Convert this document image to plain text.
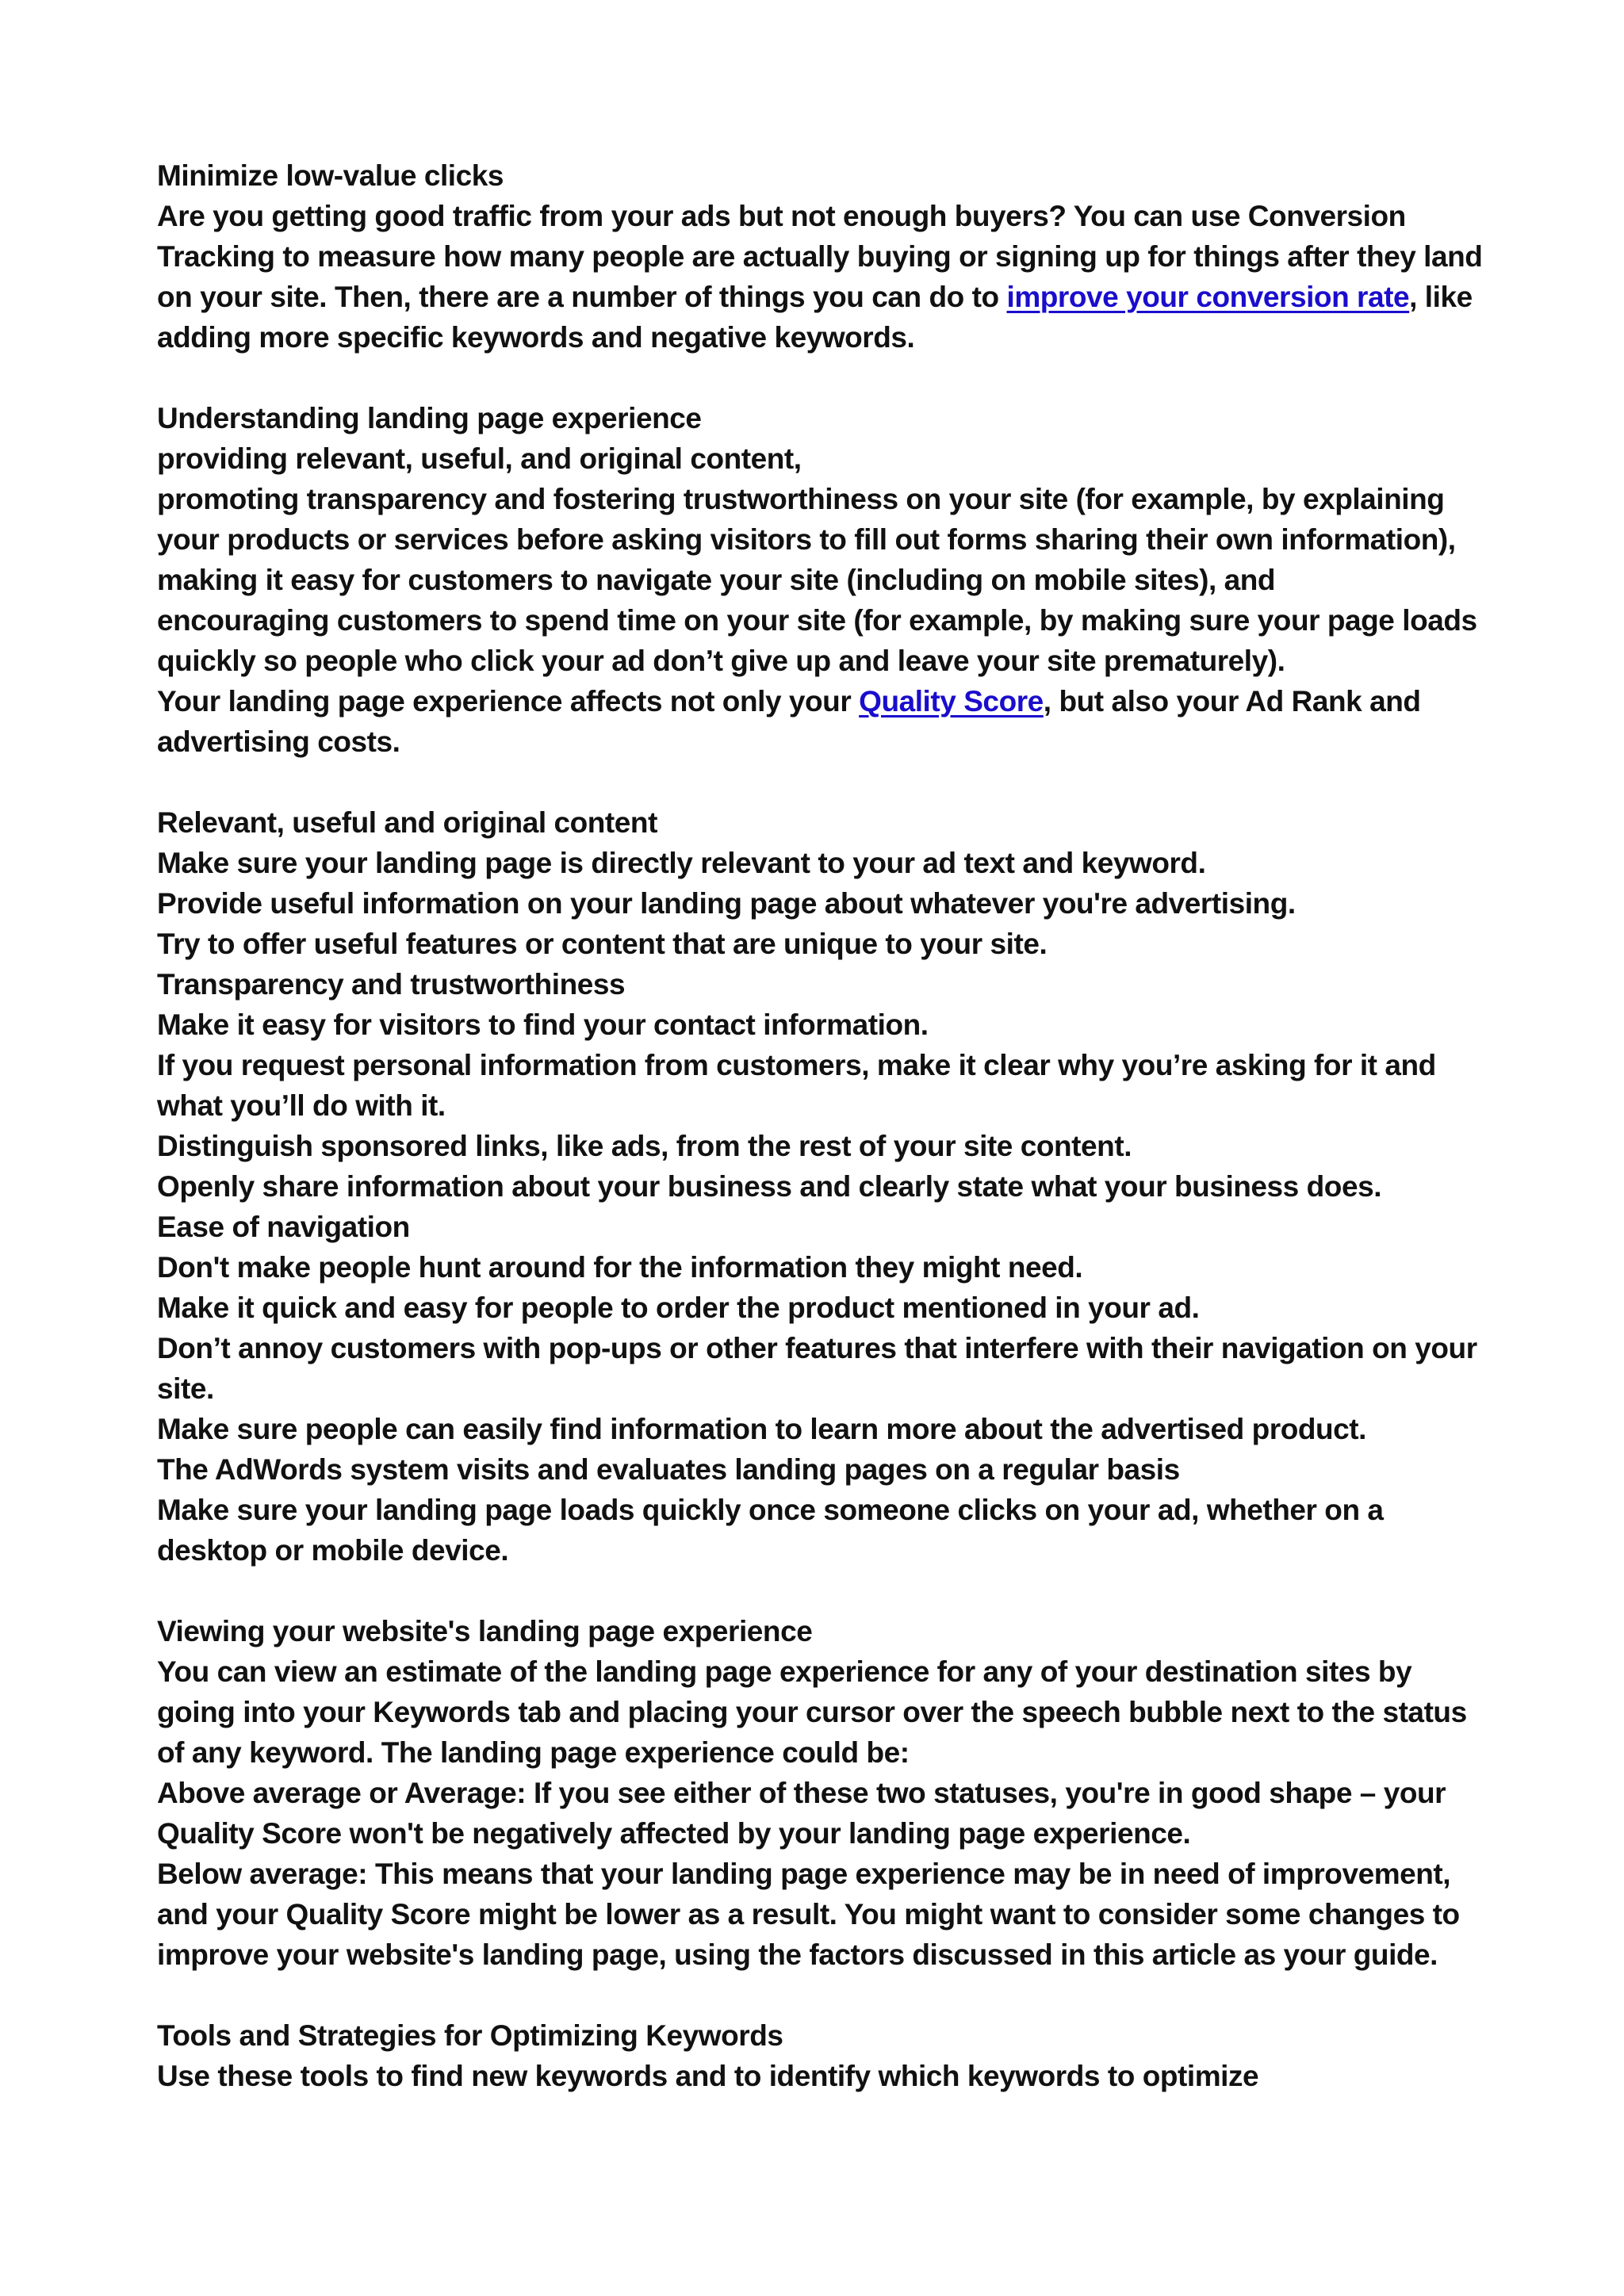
Minimize low-value clicks
Are you getting good traffic from your ads but not enough buyers? You can use Conversion Tracking to measure how many people are actually buying or signing up for things after they land on your site. Then, there are a number of things you can do to improve your conversion rate, like adding more specific keywords and negative keywords.
Understanding landing page experience
providing relevant, useful, and original content,
promoting transparency and fostering trustworthiness on your site (for example, by explaining your products or services before asking visitors to fill out forms sharing their own information),
making it easy for customers to navigate your site (including on mobile sites), and
encouraging customers to spend time on your site (for example, by making sure your page loads quickly so people who click your ad don’t give up and leave your site prematurely).
Your landing page experience affects not only your Quality Score, but also your Ad Rank and advertising costs.
Relevant, useful and original content
Make sure your landing page is directly relevant to your ad text and keyword.
Provide useful information on your landing page about whatever you're advertising.
Try to offer useful features or content that are unique to your site.
Transparency and trustworthiness
Make it easy for visitors to find your contact information.
If you request personal information from customers, make it clear why you’re asking for it and what you’ll do with it.
Distinguish sponsored links, like ads, from the rest of your site content.
Openly share information about your business and clearly state what your business does.
Ease of navigation
Don't make people hunt around for the information they might need.
Make it quick and easy for people to order the product mentioned in your ad.
Don’t annoy customers with pop-ups or other features that interfere with their navigation on your site.
Make sure people can easily find information to learn more about the advertised product.
The AdWords system visits and evaluates landing pages on a regular basis
Make sure your landing page loads quickly once someone clicks on your ad, whether on a desktop or mobile device.
Viewing your website's landing page experience
You can view an estimate of the landing page experience for any of your destination sites by going into your Keywords tab and placing your cursor over the speech bubble next to the status of any keyword. The landing page experience could be:
Above average or Average: If you see either of these two statuses, you're in good shape – your Quality Score won't be negatively affected by your landing page experience.
Below average: This means that your landing page experience may be in need of improvement, and your Quality Score might be lower as a result. You might want to consider some changes to improve your website's landing page, using the factors discussed in this article as your guide.
Tools and Strategies for Optimizing Keywords
Use these tools to find new keywords and to identify which keywords to optimize
